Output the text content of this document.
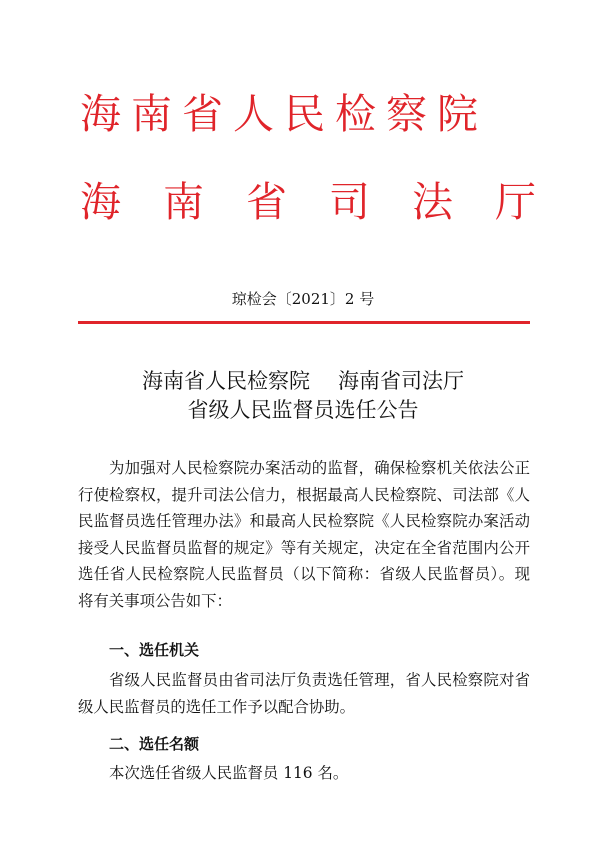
海南省人民检察院
海南省司法厅
琼检会〔2021〕2 号
海南省人民检察院 海南省司法厅
省级人民监督员选任公告
为加强对人民检察院办案活动的监督，确保检察机关依法公正行使检察权，提升司法公信力，根据最高人民检察院、司法部《人民监督员选任管理办法》和最高人民检察院《人民检察院办案活动接受人民监督员监督的规定》等有关规定，决定在全省范围内公开选任省人民检察院人民监督员（以下简称：省级人民监督员）。现将有关事项公告如下：
一、选任机关
省级人民监督员由省司法厅负责选任管理，省人民检察院对省级人民监督员的选任工作予以配合协助。
二、选任名额
本次选任省级人民监督员 116 名。
